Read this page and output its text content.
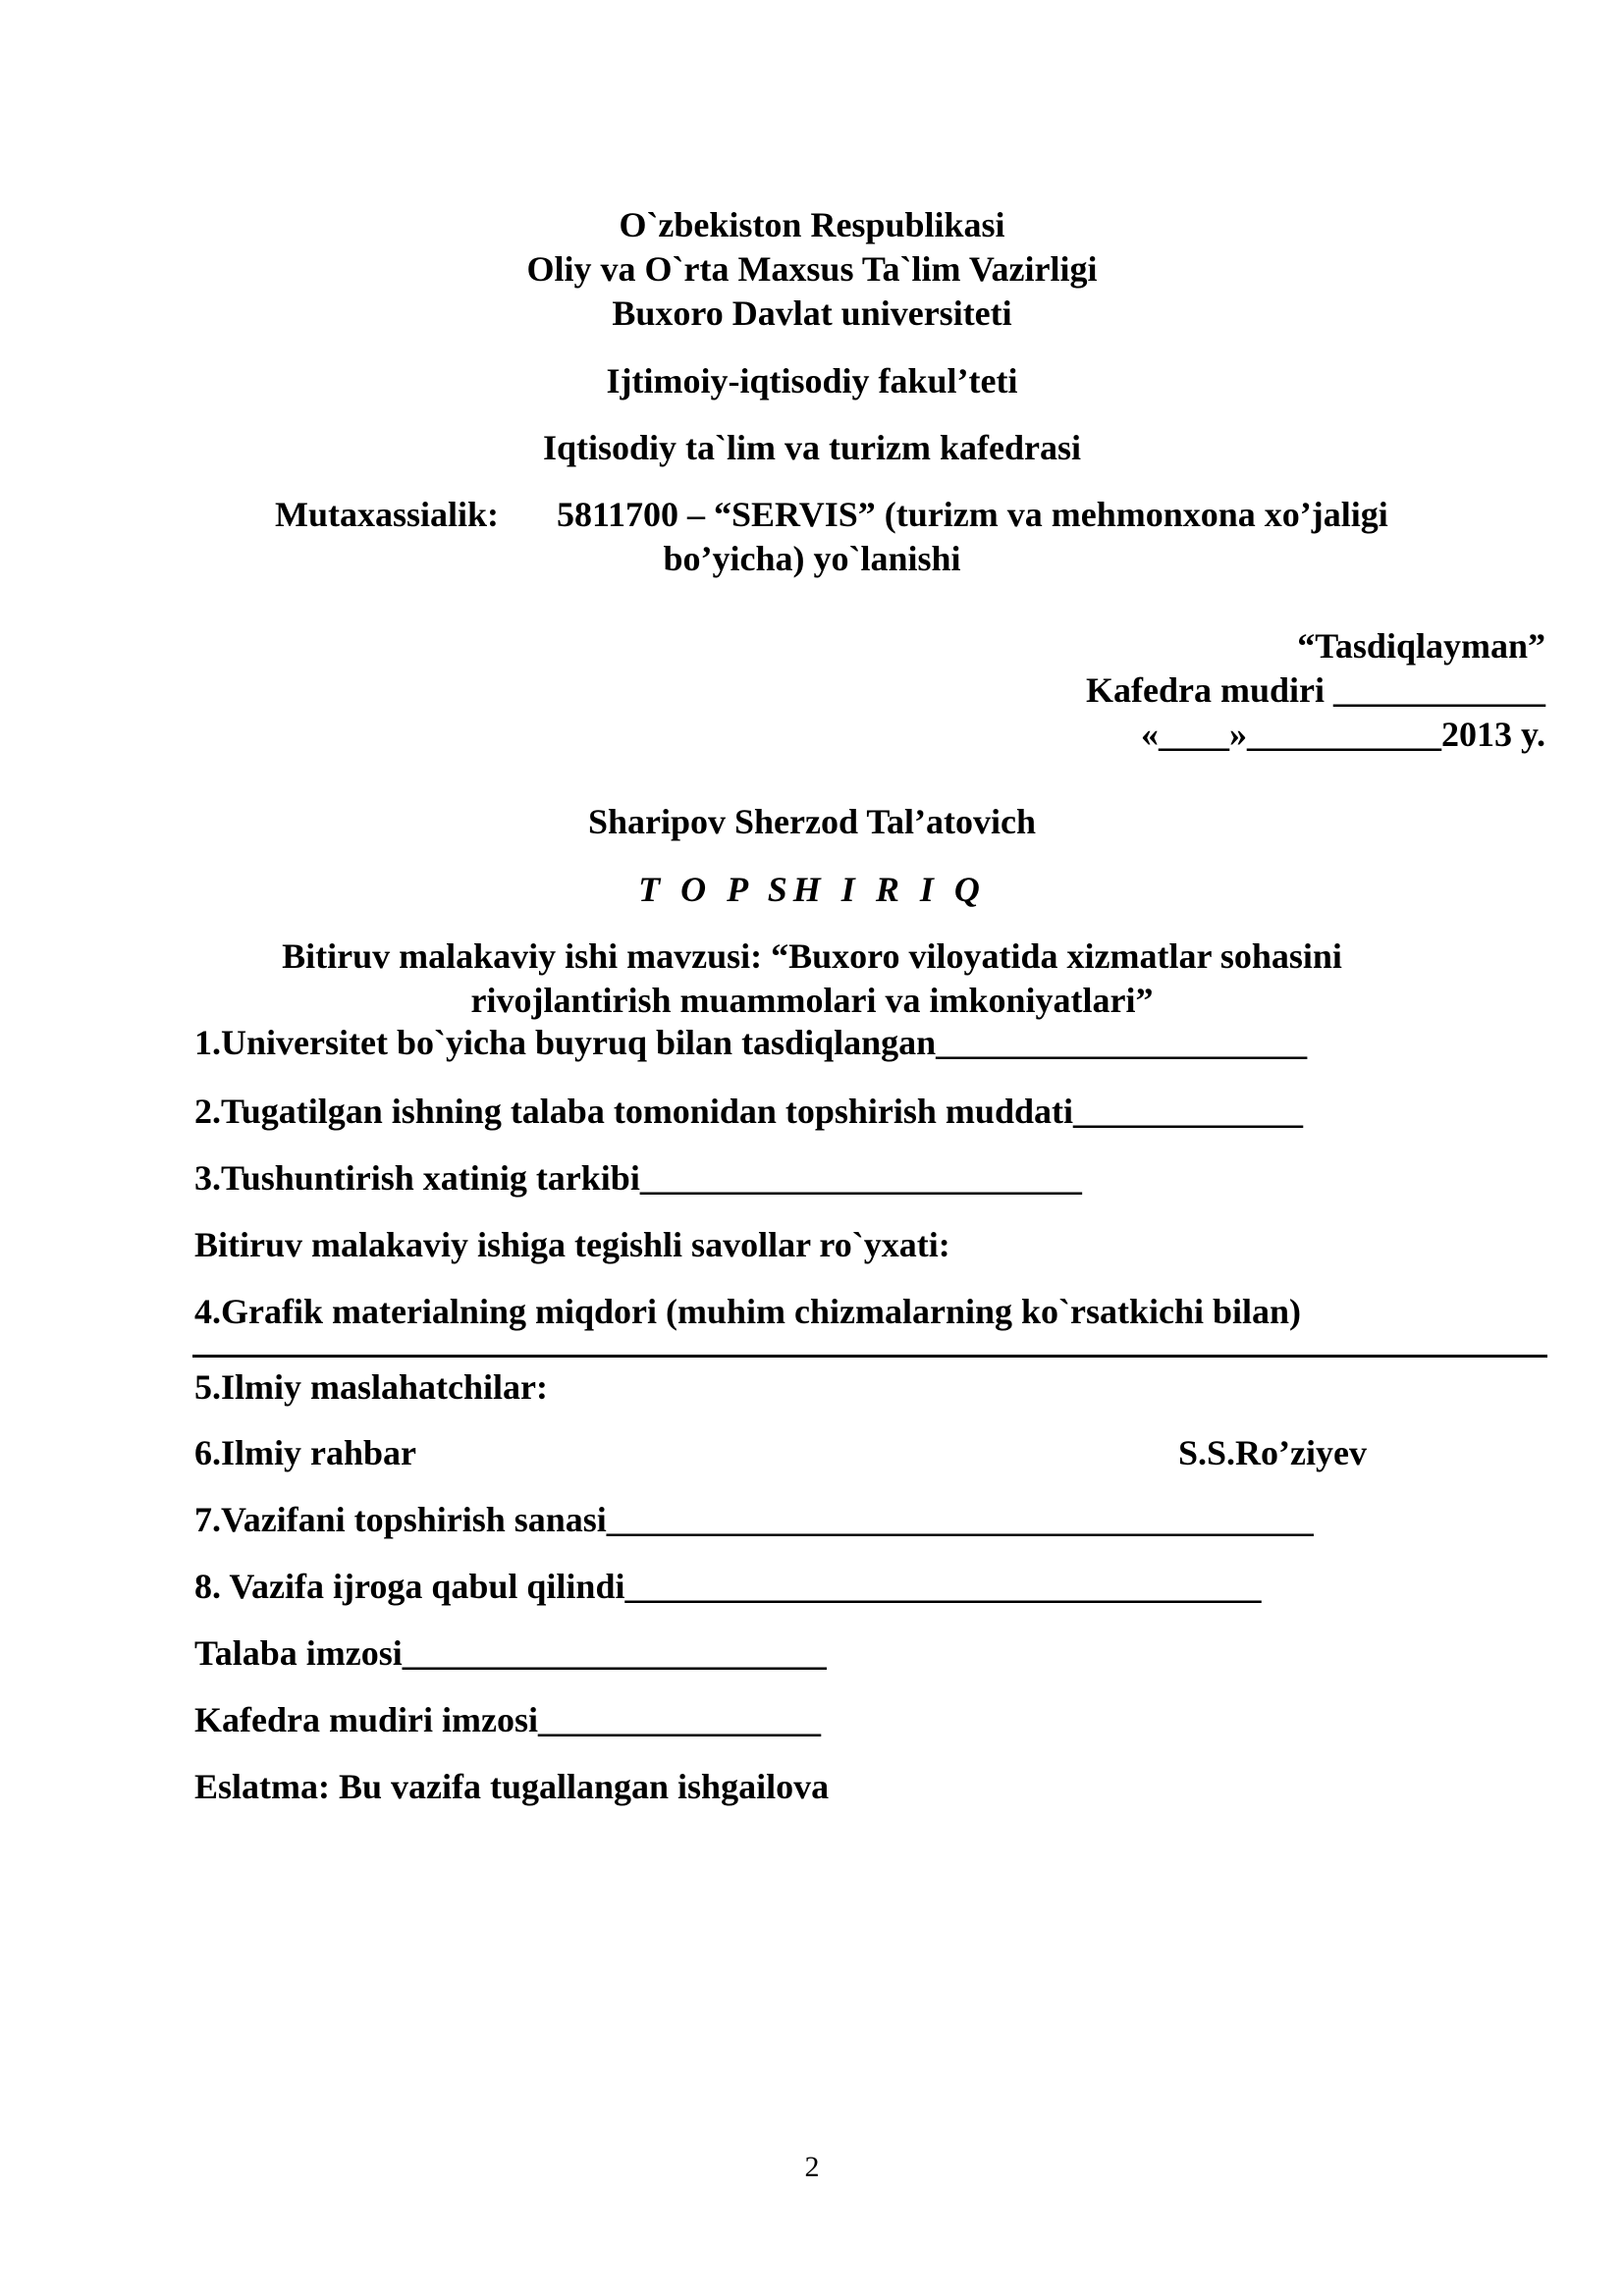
O`zbekiston Respublikasi
Oliy va O`rta Maxsus Ta`lim Vazirligi
Buxoro Davlat universiteti
Ijtimoiy-iqtisodiy fakul’teti
Iqtisodiy ta`lim va turizm kafedrasi
Mutaxassialik: 5811700 – “SERVIS” (turizm va mehmonxona xo’jaligi
bo’yicha) yo`lanishi
“Tasdiqlayman”
Kafedra mudiri ____________
«____»___________2013 y.
Sharipov Sherzod Tal’atovich
T O P SH I R I Q
Bitiruv malakaviy ishi mavzusi: “Buxoro viloyatida xizmatlar sohasini
rivojlantirish muammolari va imkoniyatlari”
1.Universitet bo`yicha buyruq bilan tasdiqlangan_____________________
2.Tugatilgan ishning talaba tomonidan topshirish muddati_____________
3.Tushuntirish xatinig tarkibi_________________________
Bitiruv malakaviy ishiga tegishli savollar ro`yxati:
4.Grafik materialning miqdori (muhim chizmalarning ko`rsatkichi bilan)
5.Ilmiy maslahatchilar:
6.Ilmiy rahbar	S.S.Ro’ziyev
7.Vazifani topshirish sanasi________________________________________
8. Vazifa ijroga qabul qilindi____________________________________
Talaba imzosi________________________
Kafedra mudiri imzosi________________
Eslatma: Bu vazifa tugallangan ishgailova
2
